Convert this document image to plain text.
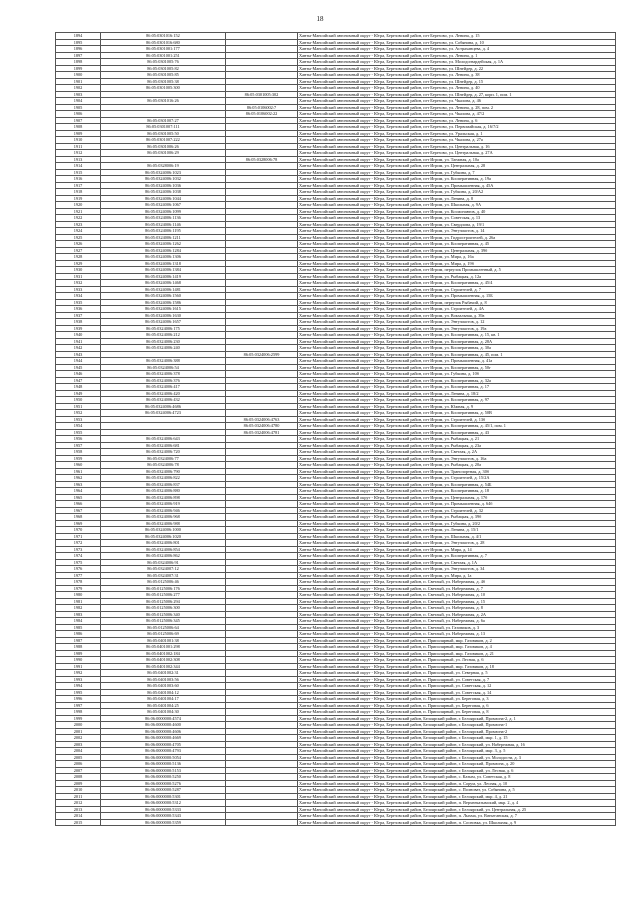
18
1894	86:05:0301016:152		Ханты-Мансийский автономный округ - Югра, Березовский район, пгт Березово, ул. Ленина, д. 15
1895	86:05:0301016:680		Ханты-Мансийский автономный округ - Югра, Березовский район, пгт Березово, ул. Собянина, д. 10
1896	86:05:0301001:177		Ханты-Мансийский автономный округ - Югра, Березовский район, пгт Березово, ул. Астраханцева, д. 4
1897	86:05:0301001:251		Ханты-Мансийский автономный округ - Югра, Березовский район, пгт Березово, ул. Ленина, д. 1
1898	86:05:0301005:76		Ханты-Мансийский автономный округ - Югра, Березовский район, пгт Березово, ул. Молодогвардейская, д. 1А
1899	86:05:0301005:82		Ханты-Мансийский автономный округ - Югра, Березовский район, пгт Березово, ул. Шнейдер, д. 22
1900	86:05:0301005:85		Ханты-Мансийский автономный округ - Югра, Березовский район, пгт Березово, ул. Ленина, д. 38
1901	86:05:0301005:38		Ханты-Мансийский автономный округ - Югра, Березовский район, пгт Березово, ул. Шнейдер, д. 15
1902	86:05:0301005:300		Ханты-Мансийский автономный округ - Югра, Березовский район, пгт Березово, ул. Ленина, д. 40
1903		86:05:0301005:302	Ханты-Мансийский автономный округ - Югра, Березовский район, пгт Березово, ул. Шнейдер, д. 27, корп. 1, пом. 1
1904	86:05:0301016:26		Ханты-Мансийский автономный округ - Югра, Березовский район, пгт Березово, ул. Чкалова, д. 46
1905		86:05:0106002:7	Ханты-Мансийский автономный округ - Югра, Березовский район, пгт Березово, ул. Ленина, д. 28, пом. 2
1906		86:05:0106002:22	Ханты-Мансийский автономный округ - Югра, Березовский район, пгт Березово, ул. Чкалова, д. 47/2
1907	86:05:0301007:27		Ханты-Мансийский автономный округ - Югра, Березовский район, пгт Березово, ул. Ленина, д. 6
1908	86:05:0301007:111		Ханты-Мансийский автономный округ - Югра, Березовский район, пгт Березово, ул. Первомайская, д. 16/7/2
1909	86:05:0301005:50		Ханты-Мансийский автономный округ - Югра, Березовский район, пгт Березово, ул. Уральская, д. 1
1910	86:05:0301007:222		Ханты-Мансийский автономный округ - Югра, Березовский район, пгт Березово, ул. Чкалова, д. 27а
1911	86:05:0301006:26		Ханты-Мансийский автономный округ - Югра, Березовский район, пгт Березово, ул. Центральная, д. 16
1912	86:05:0301006:29		Ханты-Мансийский автономный округ - Югра, Березовский район, пгт Березово, ул. Центральная, д. 27А
1913		86:05:0328006:78	Ханты-Мансийский автономный округ - Югра, Березовский район, пгт Игрим, ул. Таежная, д. 10а
1914	86:05:0328006:19		Ханты-Мансийский автономный округ - Югра, Березовский район, пгт Игрим, ул. Центральная, д. 28
1915	86:05:0324006:1023		Ханты-Мансийский автономный округ - Югра, Березовский район, пгт Игрим, ул. Губкина, д. 7
1916	86:05:0324006:1032		Ханты-Мансийский автономный округ - Югра, Березовский район, пгт Игрим, ул. Кооперативная, д. 19а
1917	86:05:0324006:1036		Ханты-Мансийский автономный округ - Югра, Березовский район, пгт Игрим, ул. Промышленная, д. 45А
1918	86:05:0324006:1038		Ханты-Мансийский автономный округ - Югра, Березовский район, пгт Игрим, ул. Губкина, д. 20/А2
1919	86:05:0324006:1044		Ханты-Мансийский автономный округ - Югра, Березовский район, пгт Игрим, ул. Ленина, д. 8
1920	86:05:0324006:1067		Ханты-Мансийский автономный округ - Югра, Березовский район, пгт Игрим, ул. Школьная, д. 9А
1921	86:05:0324006:1099		Ханты-Мансийский автономный округ - Югра, Березовский район, пгт Игрим, ул. Космонавтов, д. 40
1922	86:05:0324006:1136		Ханты-Мансийский автономный округ - Югра, Березовский район, пгт Игрим, ул. Советская, д. 13
1923	86:05:0324006:1146		Ханты-Мансийский автономный округ - Югра, Березовский район, пгт Игрим, ул. Свердлова, д. 19/1
1924	86:05:0324006:1195		Ханты-Мансийский автономный округ - Югра, Березовский район, пгт Игрим, ул. Энтузиастов, д. 14
1925	86:05:0324006:1211		Ханты-Мансийский автономный округ - Югра, Березовский район, пгт Игрим, ул. Гидростроителей, д. 26а
1926	86:05:0324006:1262		Ханты-Мансийский автономный округ - Югра, Березовский район, пгт Игрим, ул. Кооперативная, д. 45
1927	86:05:0324006:1284		Ханты-Мансийский автономный округ - Югра, Березовский район, пгт Игрим, ул. Центральная, д. 39б
1928	86:05:0324006:1306		Ханты-Мансийский автономный округ - Югра, Березовский район, пгт Игрим, ул. Мира, д. 16а
1929	86:05:0324006:1318		Ханты-Мансийский автономный округ - Югра, Березовский район, пгт Игрим, ул. Мира, д. 19б
1930	86:05:0324006:1384		Ханты-Мансийский автономный округ - Югра, Березовский район, пгт Игрим, переулок Промышленный, д. 5
1931	86:05:0324006:1419		Ханты-Мансийский автономный округ - Югра, Березовский район, пгт Игрим, ул. Рыбацкая, д. 12а
1932	86:05:0324006:1468		Ханты-Мансийский автономный округ - Югра, Березовский район, пгт Игрим, ул. Кооперативная, д. 45/4
1933	86:05:0324006:1481		Ханты-Мансийский автономный округ - Югра, Березовский район, пгт Игрим, ул. Строителей, д. 7
1934	86:05:0324006:1560		Ханты-Мансийский автономный округ - Югра, Березовский район, пгт Игрим, ул. Промышленная, д. 15Б
1935	86:05:0324006:1586		Ханты-Мансийский автономный округ - Югра, Березовский район, пгт Игрим, переулок Рыбачий, д. 8
1936	86:05:0324006:1615		Ханты-Мансийский автономный округ - Югра, Березовский район, пгт Игрим, ул. Строителей, д. 4А
1937	86:05:0324006:1630		Ханты-Мансийский автономный округ - Югра, Березовский район, пгт Игрим, ул. Вокзальная, д. 39а
1938	86:05:0324006:1657		Ханты-Мансийский автономный округ - Югра, Березовский район, пгт Игрим, ул. Энтузиастов, д. 12
1939	86:05:0324006:175		Ханты-Мансийский автономный округ - Югра, Березовский район, пгт Игрим, ул. Энтузиастов, д. 19а
1940	86:05:0324006:212		Ханты-Мансийский автономный округ - Югра, Березовский район, пгт Игрим, ул. Кооперативная, д. 15, кв. 1
1941	86:05:0324006:230		Ханты-Мансийский автономный округ - Югра, Березовский район, пгт Игрим, ул. Кооперативная, д. 28А
1942	86:05:0324006:240		Ханты-Мансийский автономный округ - Югра, Березовский район, пгт Игрим, ул. Кооперативная, д. 30а
1943		86:05:0324006:2599	Ханты-Мансийский автономный округ - Югра, Березовский район, пгт Игрим, ул. Кооперативная, д. 45, пом. 1
1944	86:05:0324006:388		Ханты-Мансийский автономный округ - Югра, Березовский район, пгт Игрим, ул. Промышленная, д. 41а
1945	86:05:0324006:54		Ханты-Мансийский автономный округ - Югра, Березовский район, пгт Игрим, ул. Кооперативная, д. 50г
1946	86:05:0324006:378		Ханты-Мансийский автономный округ - Югра, Березовский район, пгт Игрим, ул. Губкина, д. 10б
1947	86:05:0324006:376		Ханты-Мансийский автономный округ - Югра, Березовский район, пгт Игрим, ул. Кооперативная, д. 32а
1948	86:05:0324006:417		Ханты-Мансийский автономный округ - Югра, Березовский район, пгт Игрим, ул. Кооперативная, д. 17
1949	86:05:0324006:420		Ханты-Мансийский автономный округ - Югра, Березовский район, пгт Игрим, ул. Ленина, д. 18/2
1950	86:05:0324006:432		Ханты-Мансийский автономный округ - Югра, Березовский район, пгт Игрим, ул. Кооперативная, д. 97
1951	86:05:0324006:4686		Ханты-Мансийский автономный округ - Югра, Березовский район, пгт Игрим, ул. Южная, д. 9
1952	86:05:0324006:4723		Ханты-Мансийский автономный округ - Югра, Березовский район, пгт Игрим, ул. Кооперативная, д. 50В
1953		86:05:0324006:4763	Ханты-Мансийский автономный округ - Югра, Березовский район, пгт Игрим, ул. Строителей, д. 13б
1954		86:05:0324006:4780	Ханты-Мансийский автономный округ - Югра, Березовский район, пгт Игрим, ул. Кооперативная, д. 45/1, пом. 1
1955		86:05:0324006:4781	Ханты-Мансийский автономный округ - Югра, Березовский район, пгт Игрим, ул. Кооперативная, д. 43
1956	86:05:0324006:643		Ханты-Мансийский автономный округ - Югра, Березовский район, пгт Игрим, ул. Рыбацкая, д. 21
1957	86:05:0324006:681		Ханты-Мансийский автономный округ - Югра, Березовский район, пгт Игрим, ул. Рыбацкая, д. 23а
1958	86:05:0324006:720		Ханты-Мансийский автономный округ - Югра, Березовский район, пгт Игрим, ул. Светлая, д. 2А
1959	86:05:0324006:77		Ханты-Мансийский автономный округ - Югра, Березовский район, пгт Игрим, ул. Энтузиастов, д. 16а
1960	86:05:0324006:78		Ханты-Мансийский автономный округ - Югра, Березовский район, пгт Игрим, ул. Рыбацкая, д. 20а
1961	86:05:0324006:790		Ханты-Мансийский автономный округ - Югра, Березовский район, пгт Игрим, ул. Транспортная, д. 30б
1962	86:05:0324006:822		Ханты-Мансийский автономный округ - Югра, Березовский район, пгт Игрим, ул. Строителей, д. 15/2А
1963	86:05:0324006:837		Ханты-Мансийский автономный округ - Югра, Березовский район, пгт Игрим, ул. Кооперативная, д. 54Б
1964	86:05:0324006:880		Ханты-Мансийский автономный округ - Югра, Березовский район, пгт Игрим, ул. Кооперативная, д. 18
1965	86:05:0324006:898		Ханты-Мансийский автономный округ - Югра, Березовский район, пгт Игрим, ул. Центральная, д. 17б
1966	86:05:0324006:919		Ханты-Мансийский автономный округ - Югра, Березовский район, пгт Игрим, ул. Промышленная, д. 64б
1967	86:05:0324006:946		Ханты-Мансийский автономный округ - Югра, Березовский район, пгт Игрим, ул. Строителей, д. 32
1968	86:05:0324006:968		Ханты-Мансийский автономный округ - Югра, Березовский район, пгт Игрим, ул. Рыбацкая, д. 39б
1969	86:05:0324006:988		Ханты-Мансийский автономный округ - Югра, Березовский район, пгт Игрим, ул. Губкина, д. 20/2
1970	86:05:0324006:1000		Ханты-Мансийский автономный округ - Югра, Березовский район, пгт Игрим, ул. Ленина, д. 15/1
1971	86:05:0324006:1020		Ханты-Мансийский автономный округ - Югра, Березовский район, пгт Игрим, ул. Школьная, д. 4/1
1972	86:05:0324006:801		Ханты-Мансийский автономный округ - Югра, Березовский район, пгт Игрим, ул. Энтузиастов, д. 28
1973	86:05:0324006:854		Ханты-Мансийский автономный округ - Югра, Березовский район, пгт Игрим, ул. Мира, д. 14
1974	86:05:0324006:862		Ханты-Мансийский автономный округ - Югра, Березовский район, пгт Игрим, ул. Кооперативная, д. 7
1975	86:05:0324006:91		Ханты-Мансийский автономный округ - Югра, Березовский район, пгт Игрим, ул. Светлая, д. 1А
1976	86:05:0324007:12		Ханты-Мансийский автономный округ - Югра, Березовский район, пгт Игрим, ул. Энтузиастов, д. 34
1977	86:05:0324007:31		Ханты-Мансийский автономный округ - Югра, Березовский район, пгт Игрим, ул. Мира, д. 1а
1978	86:05:0125006:46		Ханты-Мансийский автономный округ - Югра, Березовский район, п. Светлый, ул. Набережная, д. 4б
1979	86:05:0125006:176		Ханты-Мансийский автономный округ - Югра, Березовский район, п. Светлый, ул. Набережная, д. 7
1980	86:05:0125006:277		Ханты-Мансийский автономный округ - Югра, Березовский район, п. Светлый, ул. Набережная, д. 10
1981	86:05:0125006:294		Ханты-Мансийский автономный округ - Югра, Березовский район, п. Светлый, ул. Набережная, д. 15
1982	86:05:0125006:300		Ханты-Мансийский автономный округ - Югра, Березовский район, п. Светлый, ул. Набережная, д. 8
1983	86:05:0125006:340		Ханты-Мансийский автономный округ - Югра, Березовский район, п. Светлый, ул. Набережная, д. 2А
1984	86:05:0125006:345		Ханты-Мансийский автономный округ - Югра, Березовский район, п. Светлый, ул. Набережная, д. 6а
1985	86:05:0125006:64		Ханты-Мансийский автономный округ - Югра, Березовский район, п. Светлый, ул. Газовиков, д. 3
1986	86:05:0125006:69		Ханты-Мансийский автономный округ - Югра, Березовский район, п. Светлый, ул. Набережная, д. 13
1987	86:05:0401001:38		Ханты-Мансийский автономный округ - Югра, Березовский район, п. Приполярный, мкр. Газовиков, д. 2
1988	86:05:0401001:298		Ханты-Мансийский автономный округ - Югра, Березовский район, п. Приполярный, мкр. Газовиков, д. 4
1989	86:05:0401002:184		Ханты-Мансийский автономный округ - Югра, Березовский район, п. Приполярный, мкр. Газовиков, д. 21
1990	86:05:0401002:308		Ханты-Мансийский автономный округ - Югра, Березовский район, п. Приполярный, ул. Лесная, д. 6
1991	86:05:0401002:344		Ханты-Мансийский автономный округ - Югра, Березовский район, п. Приполярный, мкр. Газовиков, д. 18
1992	86:05:0401002:31		Ханты-Мансийский автономный округ - Югра, Березовский район, п. Приполярный, ул. Северная, д. 5
1993	86:05:0401003:56		Ханты-Мансийский автономный округ - Югра, Березовский район, п. Приполярный, ул. Советская, д. 7
1994	86:05:0401003:60		Ханты-Мансийский автономный округ - Югра, Березовский район, п. Приполярный, ул. Советская, д. 12
1995	86:05:0401004:12		Ханты-Мансийский автономный округ - Югра, Березовский район, п. Приполярный, ул. Советская, д. 14
1996	86:05:0401004:17		Ханты-Мансийский автономный округ - Югра, Березовский район, п. Приполярный, ул. Береговая, д. 3
1997	86:05:0401004:25		Ханты-Мансийский автономный округ - Югра, Березовский район, п. Приполярный, ул. Береговая, д. 6
1998	86:05:0401004:30		Ханты-Мансийский автономный округ - Югра, Березовский район, п. Приполярный, ул. Береговая, д. 8
1999	86:06:0000000:4574		Ханты-Мансийский автономный округ - Югра, Березовский район, Белоярский район, г. Белоярский, Промзона-2, д. 1
2000	86:06:0000000:4600		Ханты-Мансийский автономный округ - Югра, Березовский район, Белоярский район, г. Белоярский, Промзона-1
2001	86:06:0000000:4606		Ханты-Мансийский автономный округ - Югра, Березовский район, Белоярский район, г. Белоярский, Промзона-2
2002	86:06:0000000:4669		Ханты-Мансийский автономный округ - Югра, Березовский район, Белоярский район, г. Белоярский, мкр. 1, д. 15
2003	86:06:0000000:4705		Ханты-Мансийский автономный округ - Югра, Березовский район, Белоярский район, г. Белоярский, ул. Набережная, д. 16
2004	86:06:0000000:4793		Ханты-Мансийский автономный округ - Югра, Березовский район, Белоярский район, г. Белоярский, мкр. 3, д. 5
2005	86:06:0000000:5054		Ханты-Мансийский автономный округ - Югра, Березовский район, Белоярский район, г. Белоярский, ул. Молодости, д. 3
2006	86:06:0000000:5136		Ханты-Мансийский автономный округ - Югра, Березовский район, Белоярский район, г. Белоярский, Промзона, д. 20
2007	86:06:0000000:5153		Ханты-Мансийский автономный округ - Югра, Березовский район, Белоярский район, г. Белоярский, ул. Лесная, д. 6
2008	86:06:0000000:5250		Ханты-Мансийский автономный округ - Югра, Березовский район, Белоярский район, с. Казым, ул. Советская, д. 8
2009	86:06:0000000:5276		Ханты-Мансийский автономный округ - Югра, Березовский район, Белоярский район, п. Сорум, ул. Лесная, д. 10
2010	86:06:0000000:5287		Ханты-Мансийский автономный округ - Югра, Березовский район, Белоярский район, с. Полноват, ул. Собянина, д. 5
2011	86:06:0000000:5301		Ханты-Мансийский автономный округ - Югра, Березовский район, Белоярский район, г. Белоярский, мкр. 4, д. 21
2012	86:06:0000000:5312		Ханты-Мансийский автономный округ - Югра, Березовский район, Белоярский район, п. Верхнеказымский, мкр. 2, д. 4
2013	86:06:0000000:5333		Ханты-Мансийский автономный округ - Югра, Березовский район, Белоярский район, г. Белоярский, ул. Центральная, д. 25
2014	86:06:0000000:5343		Ханты-Мансийский автономный округ - Югра, Березовский район, Белоярский район, п. Лыхма, ул. Ватьеганская, д. 7
2015	86:06:0000000:5359		Ханты-Мансийский автономный округ - Югра, Березовский район, Белоярский район, п. Сосновка, ул. Школьная, д. 9
